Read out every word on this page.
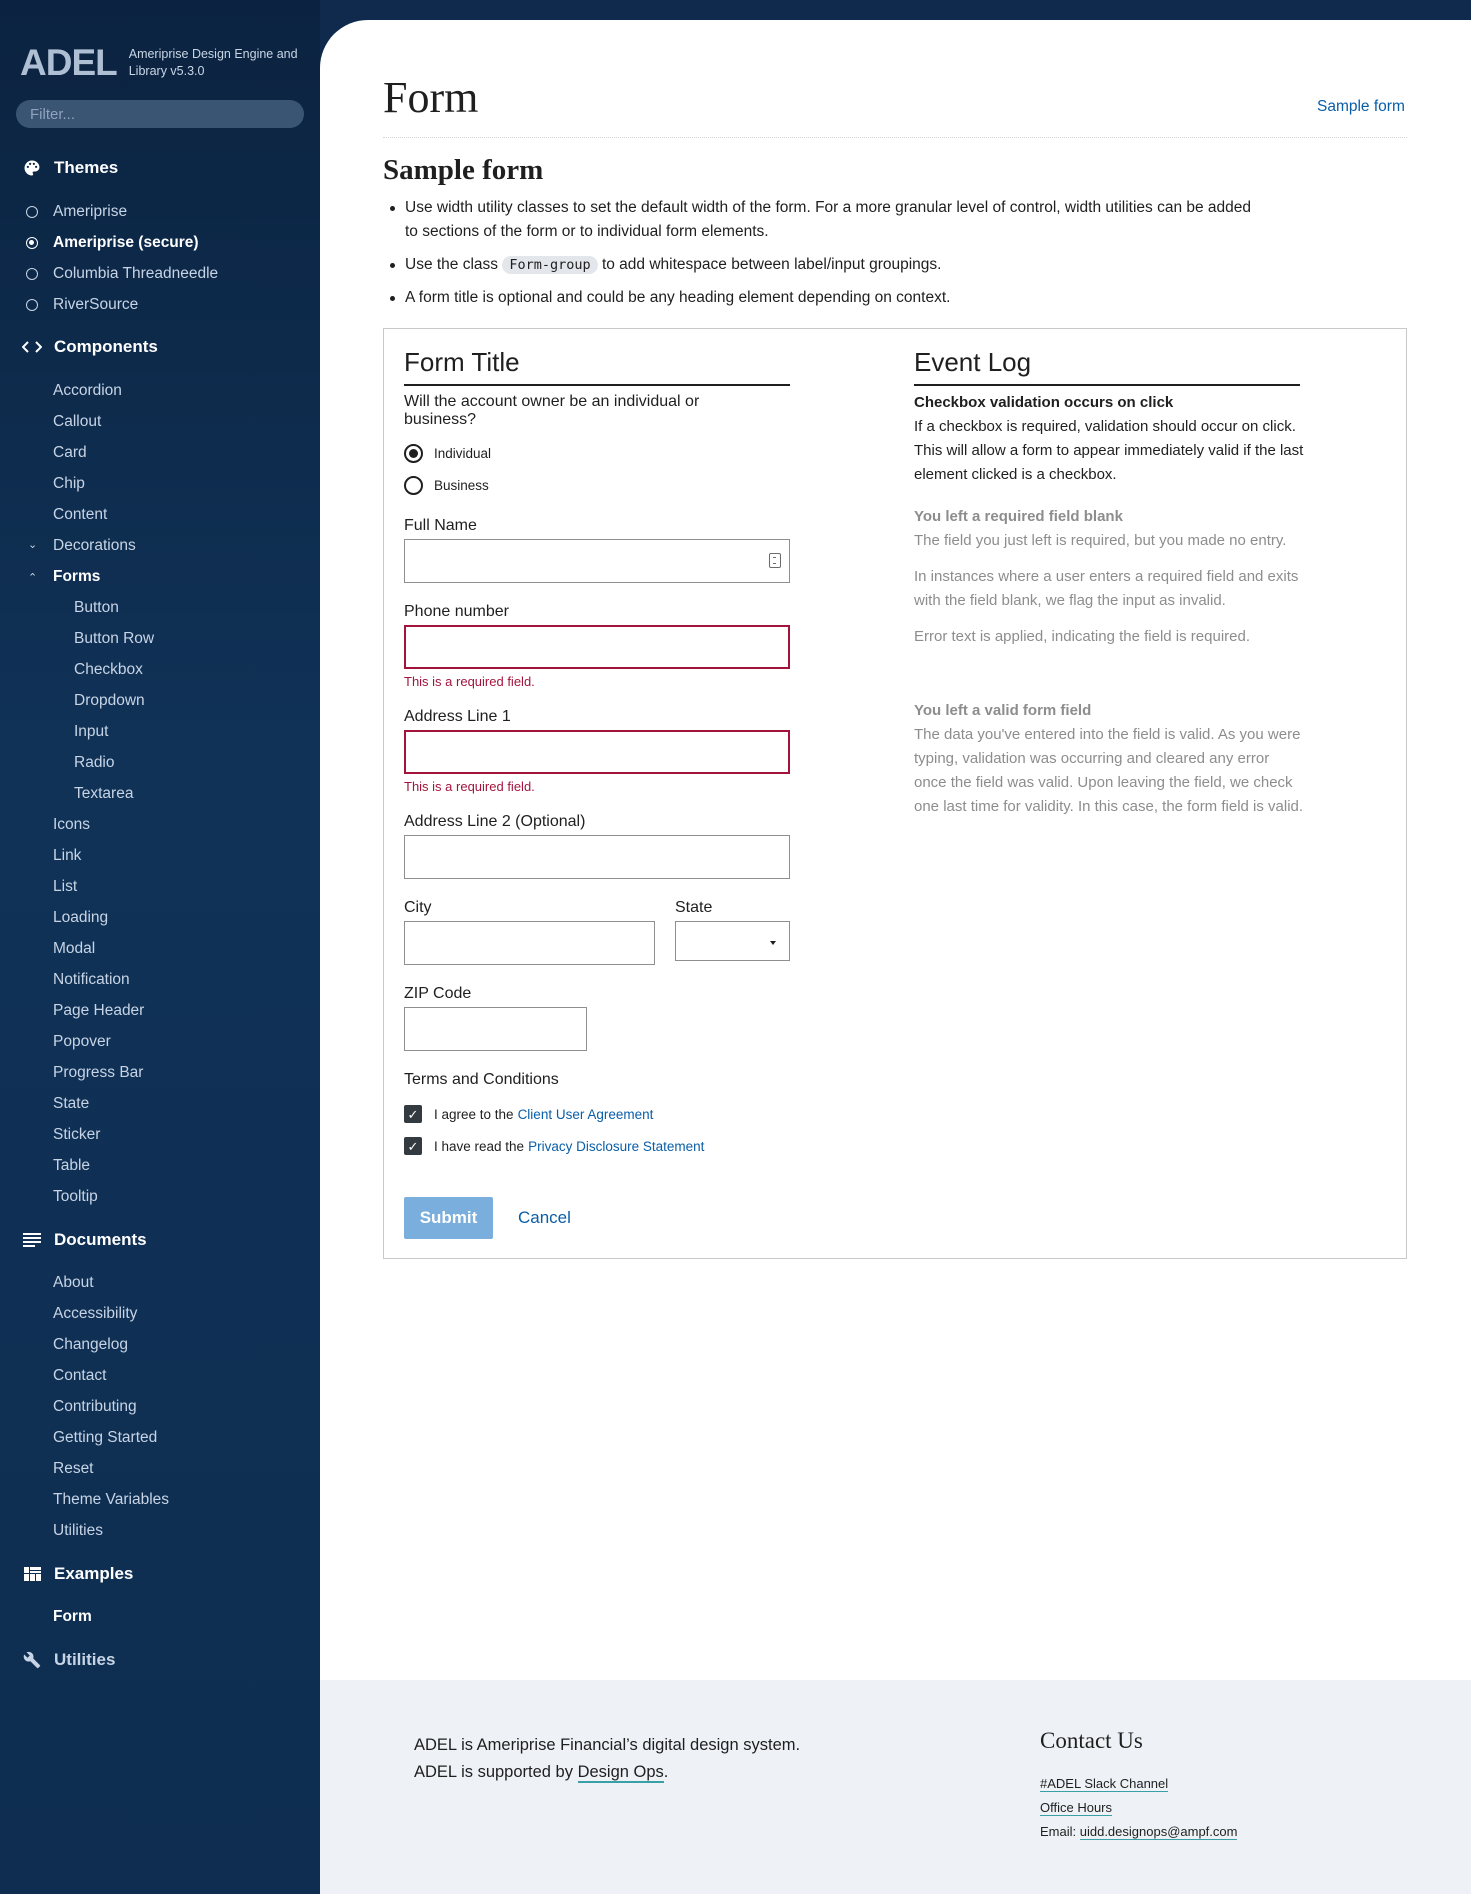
ADEL Ameriprise Design Engine and Library v5.3.0
Filter...
Themes
Ameriprise
Ameriprise (secure)
Columbia Threadneedle
RiverSource
Components
Accordion
Callout
Card
Chip
Content
⌄ Decorations
⌃ Forms
Button
Button Row
Checkbox
Dropdown
Input
Radio
Textarea
Icons
Link
List
Loading
Modal
Notification
Page Header
Popover
Progress Bar
State
Sticker
Table
Tooltip
Documents
About
Accessibility
Changelog
Contact
Contributing
Getting Started
Reset
Theme Variables
Utilities
Examples
Form
Utilities
Form	Sample form
Sample form
Use width utility classes to set the default width of the form. For a more granular level of control, width utilities can be added to sections of the form or to individual form elements.
Use the class Form-group to add whitespace between label/input groupings.
A form title is optional and could be any heading element depending on context.
Form Title
Will the account owner be an individual or business?
Individual
Business
Full Name
Phone number
This is a required field.
Address Line 1
This is a required field.
Address Line 2 (Optional)
City	State
ZIP Code
Terms and Conditions
✓ I agree to the Client User Agreement
✓ I have read the Privacy Disclosure Statement
Submit	Cancel
Event Log
Checkbox validation occurs on click

If a checkbox is required, validation should occur on click. This will allow a form to appear immediately valid if the last element clicked is a checkbox.

You left a required field blank

The field you just left is required, but you made no entry.

In instances where a user enters a required field and exits with the field blank, we flag the input as invalid.

Error text is applied, indicating the field is required.

You left a valid form field

The data you've entered into the field is valid. As you were typing, validation was occurring and cleared any error once the field was valid. Upon leaving the field, we check one last time for validity. In this case, the form field is valid.

ADEL is Ameriprise Financial’s digital design system.
ADEL is supported by Design Ops.
Contact Us
#ADEL Slack Channel
Office Hours
Email: uidd.designops@ampf.com
